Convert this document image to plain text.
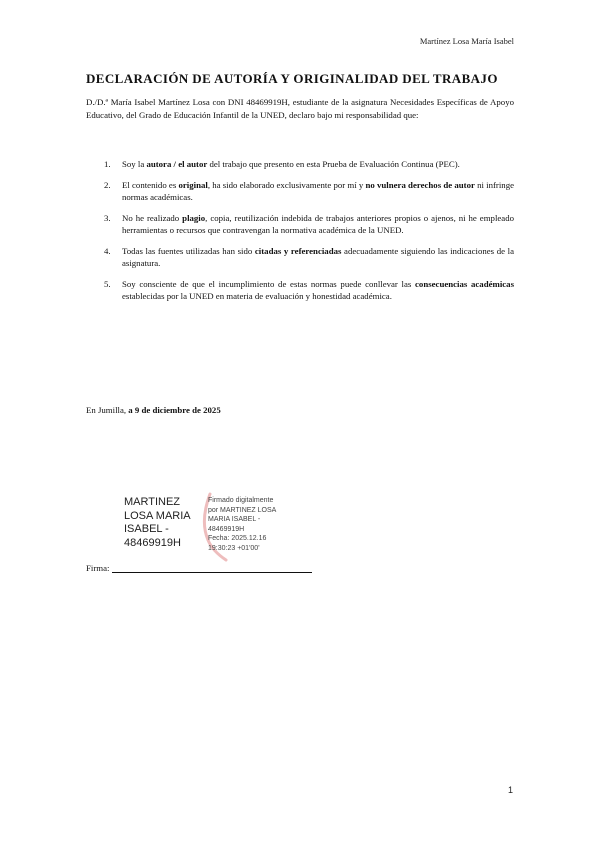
Martínez Losa María Isabel
DECLARACIÓN DE AUTORÍA Y ORIGINALIDAD DEL TRABAJO
D./D.ª María Isabel Martínez Losa con DNI 48469919H, estudiante de la asignatura Necesidades Específicas de Apoyo Educativo, del Grado de Educación Infantil de la UNED, declaro bajo mi responsabilidad que:
1. Soy la autora / el autor del trabajo que presento en esta Prueba de Evaluación Continua (PEC).
2. El contenido es original, ha sido elaborado exclusivamente por mí y no vulnera derechos de autor ni infringe normas académicas.
3. No he realizado plagio, copia, reutilización indebida de trabajos anteriores propios o ajenos, ni he empleado herramientas o recursos que contravengan la normativa académica de la UNED.
4. Todas las fuentes utilizadas han sido citadas y referenciadas adecuadamente siguiendo las indicaciones de la asignatura.
5. Soy consciente de que el incumplimiento de estas normas puede conllevar las consecuencias académicas establecidas por la UNED en materia de evaluación y honestidad académica.
En Jumilla, a 9 de diciembre de 2025
MARTINEZ
LOSA MARIA
ISABEL -
48469919H
Firmado digitalmente
por MARTINEZ LOSA
MARIA ISABEL -
48469919H
Fecha: 2025.12.16
19:30:23 +01'00'
Firma:
1
